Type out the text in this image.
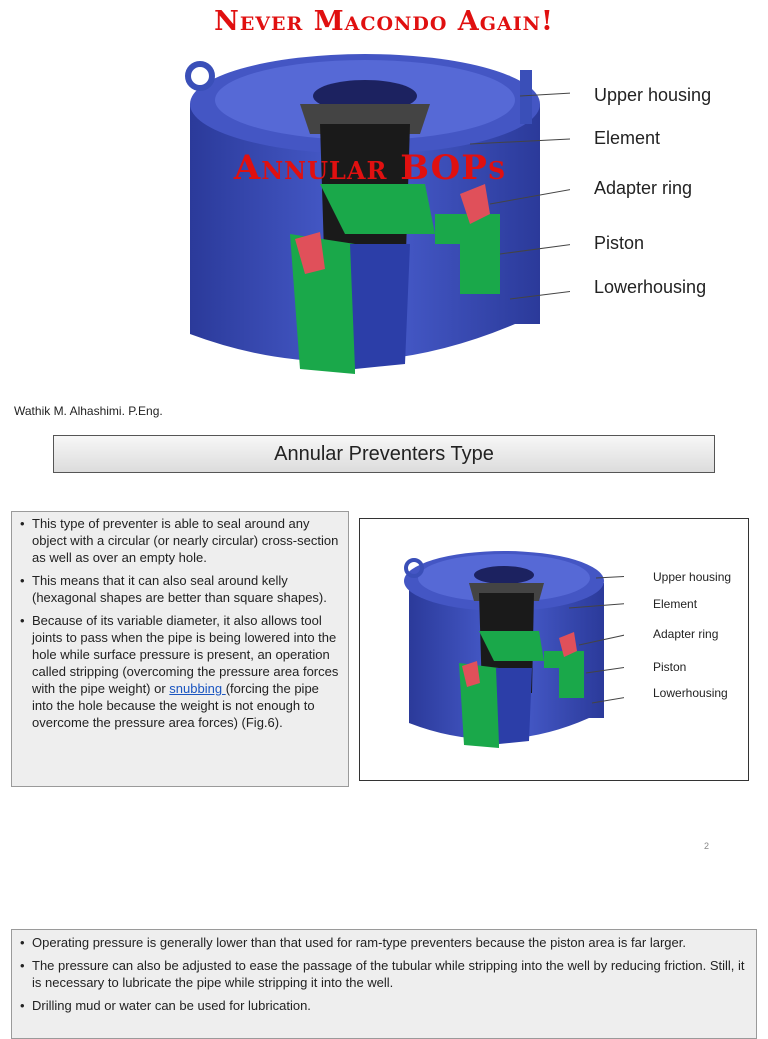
Upper housing
Element
Adapter ring
Piston
Lowerhousing
Never Macondo Again!
Annular BOPs
Wathik M. Alhashimi. P.Eng.
Annular Preventers Type
• This type of preventer is able to seal around any object with a circular (or nearly circular) cross-section as well as over an empty hole.
• This means that it can also seal around kelly (hexagonal shapes are better than square shapes).
• Because of its variable diameter, it also allows tool joints to pass when the pipe is being lowered into the hole while surface pressure is present, an operation called stripping (overcoming the pressure area forces with the pipe weight) or snubbing (forcing the pipe into the hole because the weight is not enough to overcome the pressure area forces) (Fig.6).
Upper housing
Element
Adapter ring
Piston
Lowerhousing
2
• Operating pressure is generally lower than that used for ram-type preventers because the piston area is far larger.
• The pressure can also be adjusted to ease the passage of the tubular while stripping into the well by reducing friction. Still, it is necessary to lubricate the pipe while stripping it into the well.
• Drilling mud or water can be used for lubrication.
